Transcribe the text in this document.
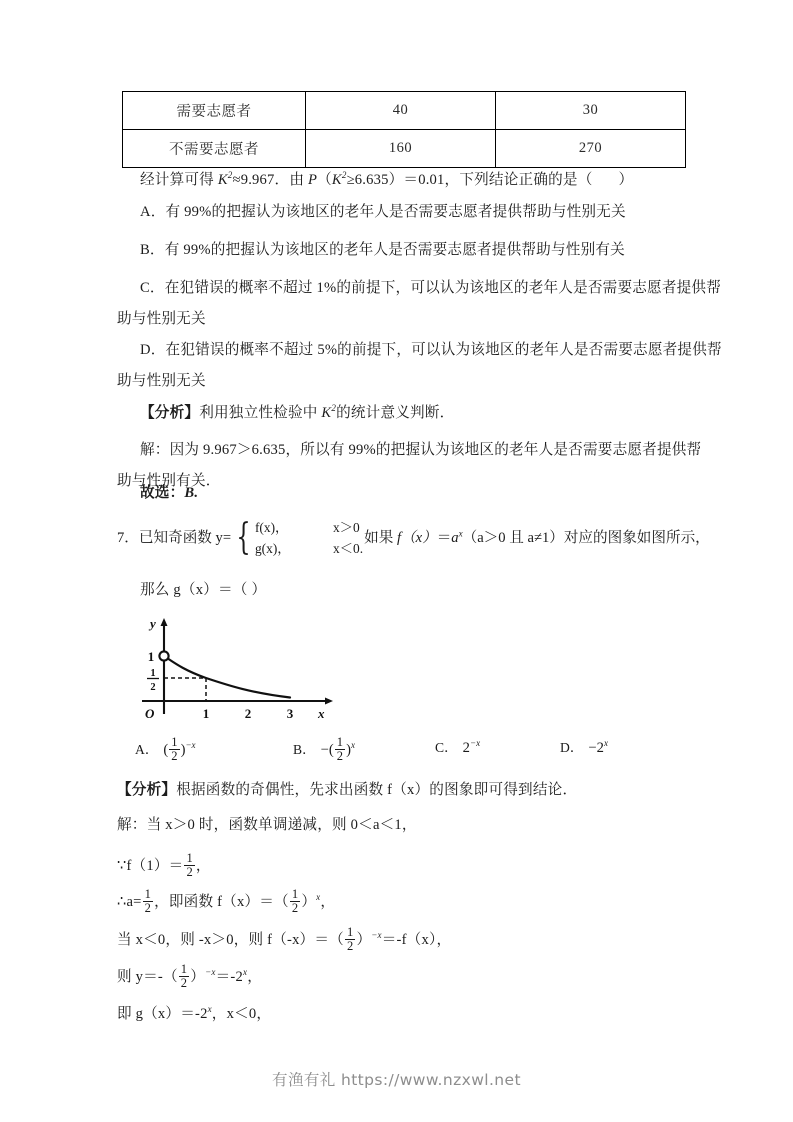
需要志愿者	40	30
不需要志愿者	160	270
经计算可得 $K^2\approx 9.967$．由 $P(K^2\ge 6.635)=0.01$，下列结论正确的是（ ）
A．有 99%的把握认为该地区的老年人是否需要志愿者提供帮助与性别无关
B．有 99%的把握认为该地区的老年人是否需要志愿者提供帮助与性别有关
C．在犯错误的概率不超过 1%的前提下，可以认为该地区的老年人是否需要志愿者提供帮
助与性别无关
D．在犯错误的概率不超过 5%的前提下，可以认为该地区的老年人是否需要志愿者提供帮
助与性别无关
【分析】利用独立性检验中 $K^2$的统计意义判断．
解：因为 9.967＞6.635，所以有 99%的把握认为该地区的老年人是否需要志愿者提供帮
助与性别有关．
故选：B.
7．已知奇函数 y= { f(x)，	x＞0
g(x)，	x＜0.
如果 $f(x)=a^x(a>0$ 且 a≠1）对应的图象如图所示，
那么 g（x）＝（ ）
y
x
O
1
1
2
1	2	3
A． ( $\frac{1}{2} )^{-x}$	B． −( $\frac{1}{2} )^x$	C． $2^{-x}$	D． $-2^x$
【分析】根据函数的奇偶性，先求出函数 f（x）的图象即可得到结论．
解：当 x＞0 时，函数单调递减，则 0＜a＜1，
∵f（1）＝ $\frac{1}{2}$ ，
∴a= $\frac{1}{2}$ ，即函数 $f(x)=( \frac{1}{2} )^x$，
当 x＜0，则 -x＞0，则 $f(-x)=( \frac{1}{2} )^{-x}=-f(x)$，
则 $y=-( \frac{1}{2} )^{-x}=-2^x$，
即 $g(x)=-2^x$，x＜0，
有渔有礼 https://www.nzxwl.net
